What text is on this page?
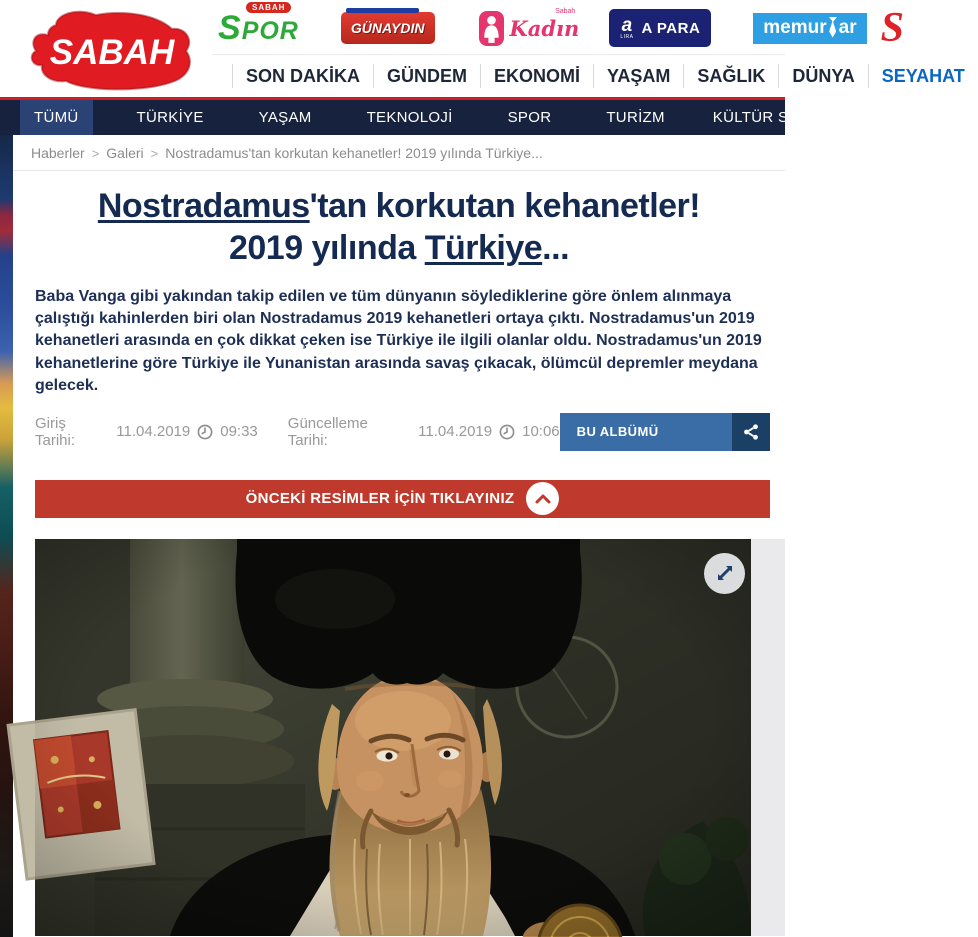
SABAH
SPOR
SABAH
GÜNAYDIN
Sabah
Kadın a
LIRA
A PARA	memur ar S
SON DAKİKA	GÜNDEM	EKONOMİ	YAŞAM	SAĞLIK	DÜNYA	SEYAHAT
TÜMÜ	TÜRKİYE	YAŞAM	TEKNOLOJİ	SPOR	TURİZM	KÜLTÜR SANAT
Haberler > Galeri > Nostradamus'tan korkutan kehanetler! 2019 yılında Türkiye...
Nostradamus'tan korkutan kehanetler!
2019 yılında Türkiye...

Baba Vanga gibi yakından takip edilen ve tüm dünyanın söylediklerine göre önlem alınmaya çalıştığı kahinlerden biri olan Nostradamus 2019 kehanetleri ortaya çıktı. Nostradamus'un 2019 kehanetleri arasında en çok dikkat çeken ise Türkiye ile ilgili olanlar oldu. Nostradamus'un 2019 kehanetlerine göre Türkiye ile Yunanistan arasında savaş çıkacak, ölümcül depremler meydana gelecek.

Giriş Tarihi:	11.04.2019 09:33 Güncelleme Tarihi:	11.04.2019 10:06	BU ALBÜMÜ PAYLAŞ
ÖNCEKİ RESİMLER İÇİN TIKLAYINIZ
